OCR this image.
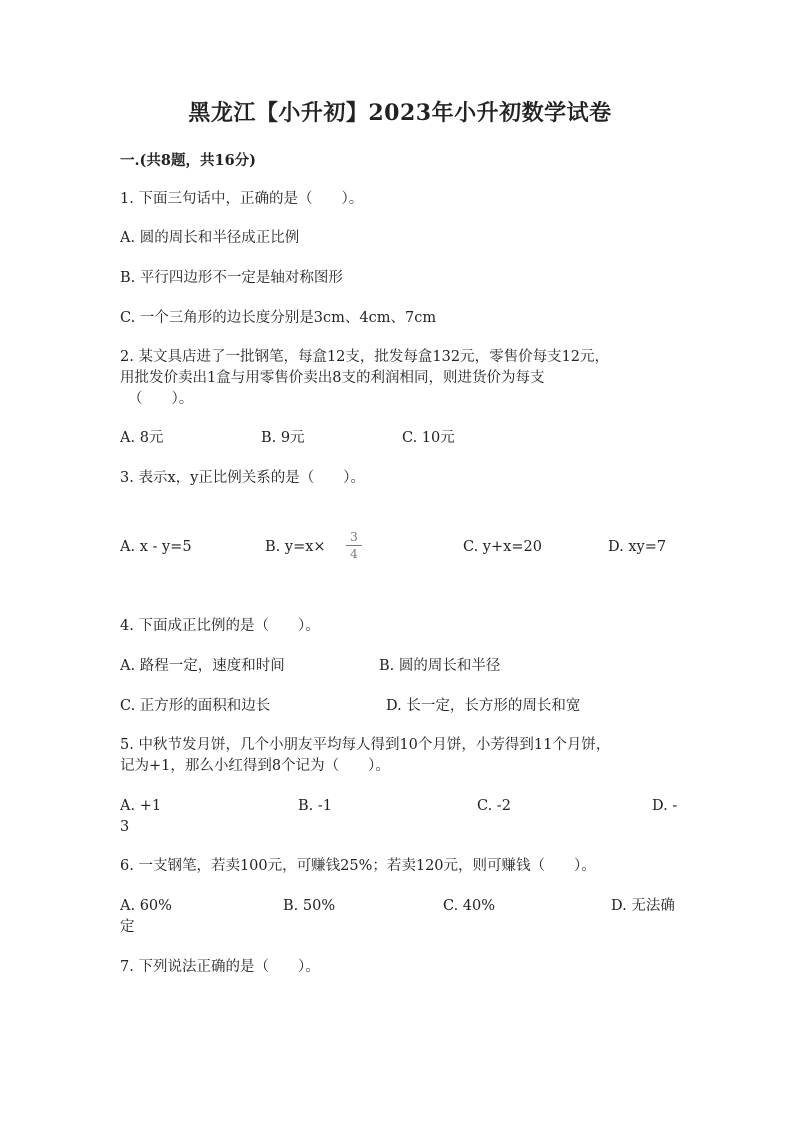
黑龙江【小升初】2023年小升初数学试卷
一.(共8题，共16分)
1. 下面三句话中，正确的是（　　）。
A. 圆的周长和半径成正比例
B. 平行四边形不一定是轴对称图形
C. 一个三角形的边长度分别是3cm、4cm、7cm
2. 某文具店进了一批钢笔，每盒12支，批发每盒132元，零售价每支12元，
用批发价卖出1盒与用零售价卖出8支的利润相同，则进货价为每支
（　　）。
A. 8元	B. 9元	C. 10元
3. 表示x，y正比例关系的是（　　）。
A. x - y=5	B. y=x×
3
4	C. y+x=20	D. xy=7
4. 下面成正比例的是（　　）。
A. 路程一定，速度和时间	B. 圆的周长和半径
C. 正方形的面积和边长	D. 长一定，长方形的周长和宽
5. 中秋节发月饼，几个小朋友平均每人得到10个月饼，小芳得到11个月饼，
记为+1，那么小红得到8个记为（　　）。
A. +1	B. -1	C. -2	D. -
3
6. 一支钢笔，若卖100元，可赚钱25%；若卖120元，则可赚钱（　　）。
A. 60%	B. 50%	C. 40%	D. 无法确
定
7. 下列说法正确的是（　　）。
